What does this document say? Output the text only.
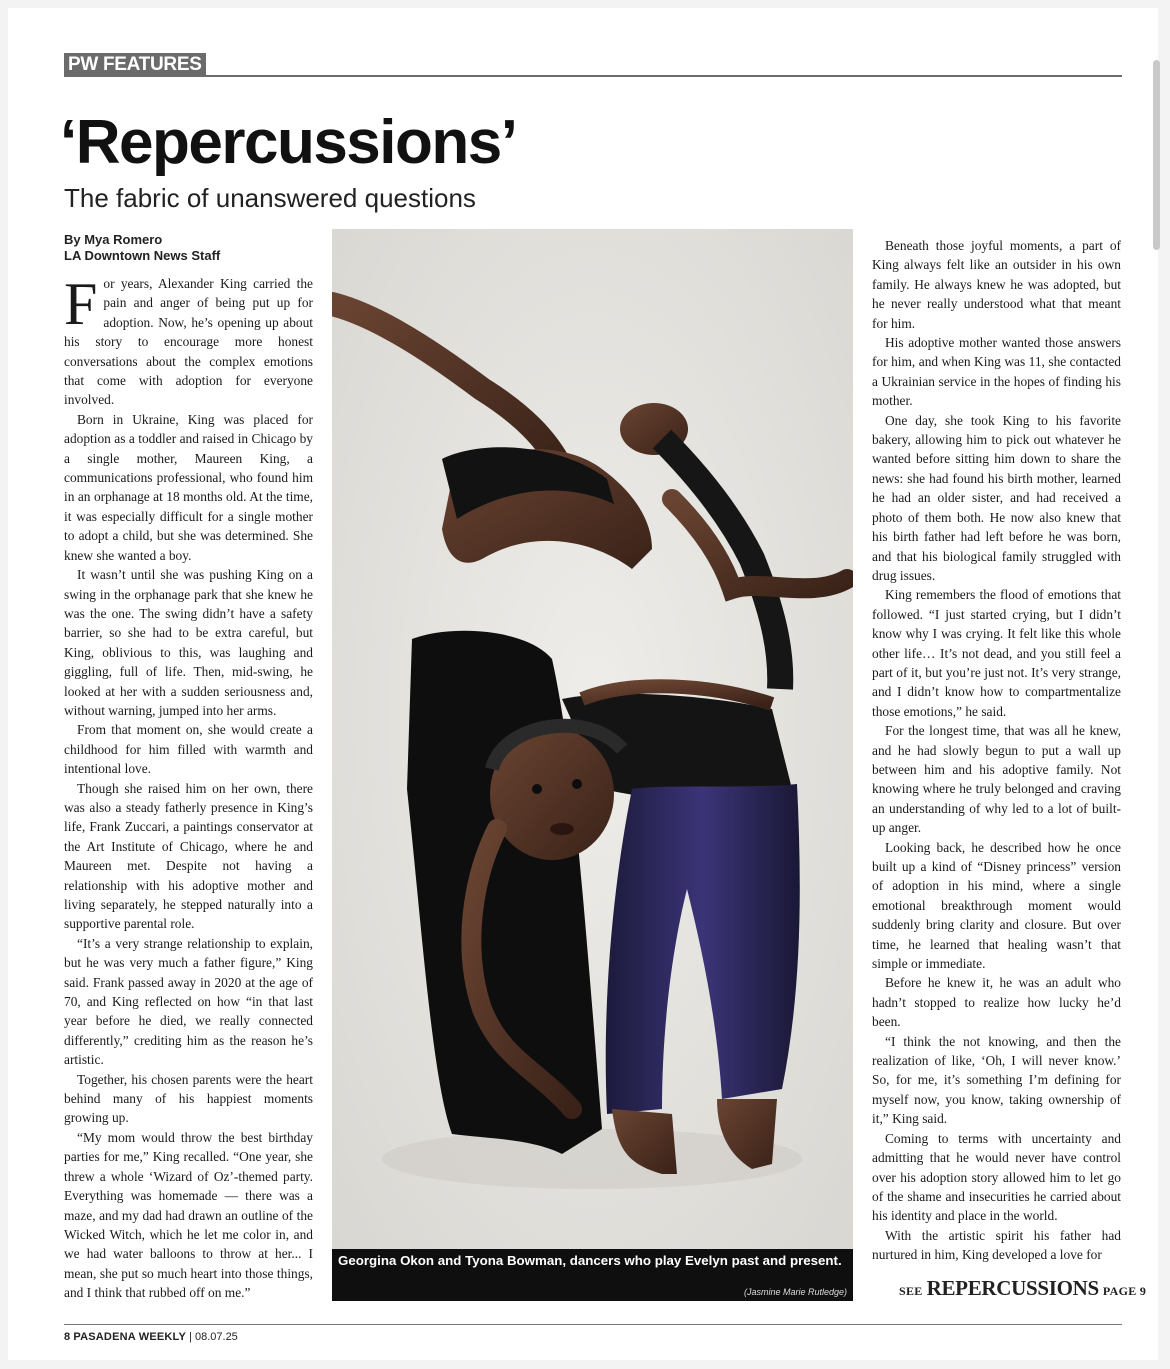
PW FEATURES
‘Repercussions’
The fabric of unanswered questions
By Mya Romero
LA Downtown News Staff

For years, Alexander King carried the pain and anger of being put up for adoption. Now, he’s opening up about his story to encourage more honest conversations about the complex emotions that come with adoption for everyone involved.

Born in Ukraine, King was placed for adoption as a toddler and raised in Chicago by a single mother, Maureen King, a communications professional, who found him in an orphanage at 18 months old. At the time, it was especially difficult for a single mother to adopt a child, but she was determined. She knew she wanted a boy.

It wasn’t until she was pushing King on a swing in the orphanage park that she knew he was the one. The swing didn’t have a safety barrier, so she had to be extra careful, but King, oblivious to this, was laughing and giggling, full of life. Then, mid-swing, he looked at her with a sudden seriousness and, without warning, jumped into her arms.

From that moment on, she would create a childhood for him filled with warmth and intentional love.

Though she raised him on her own, there was also a steady fatherly presence in King’s life, Frank Zuccari, a paintings conservator at the Art Institute of Chicago, where he and Maureen met. Despite not having a relationship with his adoptive mother and living separately, he stepped naturally into a supportive parental role.

“It’s a very strange relationship to explain, but he was very much a father figure,” King said. Frank passed away in 2020 at the age of 70, and King reflected on how “in that last year before he died, we really connected differently,” crediting him as the reason he’s artistic.

Together, his chosen parents were the heart behind many of his happiest moments growing up.

“My mom would throw the best birthday parties for me,” King recalled. “One year, she threw a whole ‘Wizard of Oz’-themed party. Everything was homemade — there was a maze, and my dad had drawn an outline of the Wicked Witch, which he let me color in, and we had water balloons to throw at her... I mean, she put so much heart into those things, and I think that rubbed off on me.”

Georgina Okon and Tyona Bowman, dancers who play Evelyn past and present.
(Jasmine Marie Rutledge)

Beneath those joyful moments, a part of King always felt like an outsider in his own family. He always knew he was adopted, but he never really understood what that meant for him.

His adoptive mother wanted those answers for him, and when King was 11, she contacted a Ukrainian service in the hopes of finding his mother.

One day, she took King to his favorite bakery, allowing him to pick out whatever he wanted before sitting him down to share the news: she had found his birth mother, learned he had an older sister, and had received a photo of them both. He now also knew that his birth father had left before he was born, and that his biological family struggled with drug issues.

King remembers the flood of emotions that followed. “I just started crying, but I didn’t know why I was crying. It felt like this whole other life… It’s not dead, and you still feel a part of it, but you’re just not. It’s very strange, and I didn’t know how to compartmentalize those emotions,” he said.

For the longest time, that was all he knew, and he had slowly begun to put a wall up between him and his adoptive family. Not knowing where he truly belonged and craving an understanding of why led to a lot of built-up anger.

Looking back, he described how he once built up a kind of “Disney princess” version of adoption in his mind, where a single emotional breakthrough moment would suddenly bring clarity and closure. But over time, he learned that healing wasn’t that simple or immediate.

Before he knew it, he was an adult who hadn’t stopped to realize how lucky he’d been.

“I think the not knowing, and then the realization of like, ‘Oh, I will never know.’ So, for me, it’s something I’m defining for myself now, you know, taking ownership of it,” King said.

Coming to terms with uncertainty and admitting that he would never have control over his adoption story allowed him to let go of the shame and insecurities he carried about his identity and place in the world.

With the artistic spirit his father had nurtured in him, King developed a love for

SEE REPERCUSSIONS PAGE 9
8 PASADENA WEEKLY | 08.07.25
